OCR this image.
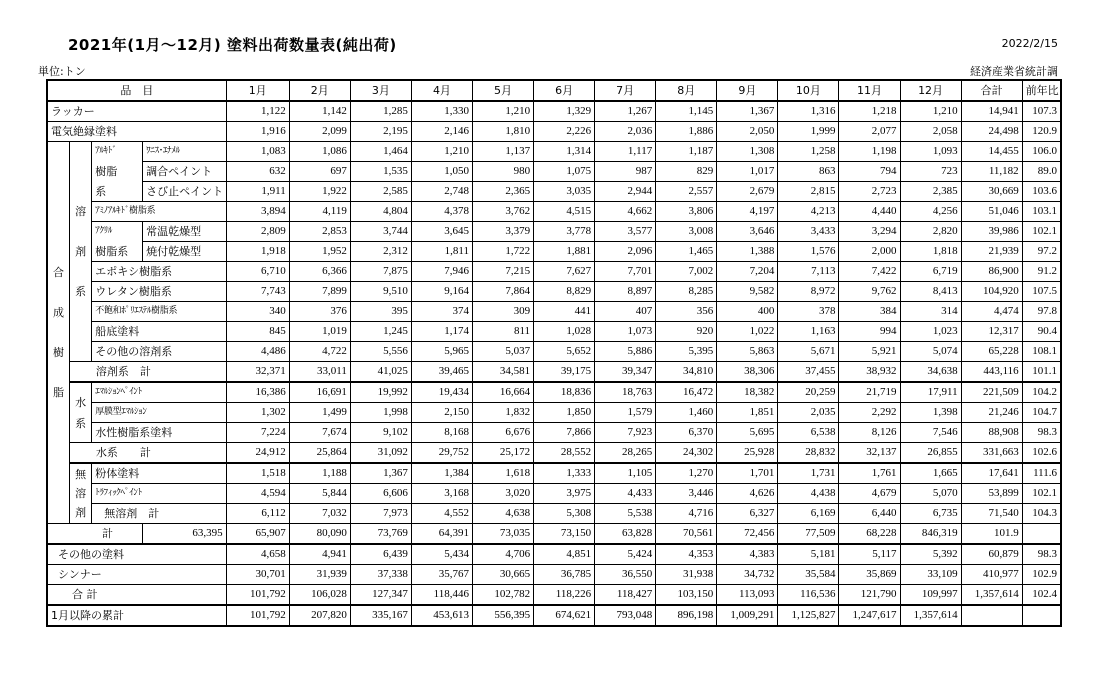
2021年(1月～12月) 塗料出荷数量表(純出荷)	2022/2/15
単位:トン	経済産業省統計調
品　目				1月	2月	3月	4月	5月	6月	7月	8月	9月	10月	11月	12月	合計	前年比
ラッカー				1,122	1,142	1,285	1,330	1,210	1,329	1,267	1,145	1,367	1,316	1,218	1,210	14,941	107.3
電気絶縁塗料				1,916	2,099	2,195	2,146	1,810	2,226	2,036	1,886	2,050	1,999	2,077	2,058	24,498	120.9

合

成

樹

脂	溶

剤

系	ｱﾙｷﾄﾞ	ﾜﾆｽ･ｴﾅﾒﾙ	1,083	1,086	1,464	1,210	1,137	1,314	1,117	1,187	1,308	1,258	1,198	1,093	14,455	106.0
		樹脂	調合ペイント	632	697	1,535	1,050	980	1,075	987	829	1,017	863	794	723	11,182	89.0
		系	さび止ペイント	1,911	1,922	2,585	2,748	2,365	3,035	2,944	2,557	2,679	2,815	2,723	2,385	30,669	103.6
		ｱﾐﾉｱﾙｷﾄﾞ樹脂系		3,894	4,119	4,804	4,378	3,762	4,515	4,662	3,806	4,197	4,213	4,440	4,256	51,046	103.1
		ｱｸﾘﾙ	常温乾燥型	2,809	2,853	3,744	3,645	3,379	3,778	3,577	3,008	3,646	3,433	3,294	2,820	39,986	102.1
		樹脂系	焼付乾燥型	1,918	1,952	2,312	1,811	1,722	1,881	2,096	1,465	1,388	1,576	2,000	1,818	21,939	97.2
		エポキシ樹脂系		6,710	6,366	7,875	7,946	7,215	7,627	7,701	7,002	7,204	7,113	7,422	6,719	86,900	91.2
		ウレタン樹脂系		7,743	7,899	9,510	9,164	7,864	8,829	8,897	8,285	9,582	8,972	9,762	8,413	104,920	107.5
		不飽和ﾎﾟﾘｴｽﾃﾙ樹脂系		340	376	395	374	309	441	407	356	400	378	384	314	4,474	97.8
		船底塗料		845	1,019	1,245	1,174	811	1,028	1,073	920	1,022	1,163	994	1,023	12,317	90.4
		その他の溶剤系		4,486	4,722	5,556	5,965	5,037	5,652	5,886	5,395	5,863	5,671	5,921	5,074	65,228	108.1
	溶剤系　計			32,371	33,011	41,025	39,465	34,581	39,175	39,347	34,810	38,306	37,455	38,932	34,638	443,116	101.1

	水
系	ｴﾏﾙｼｮﾝﾍﾟｲﾝﾄ		16,386	16,691	19,992	19,434	16,664	18,836	18,763	16,472	18,382	20,259	21,719	17,911	221,509	104.2
		厚膜型ｴﾏﾙｼｮﾝ		1,302	1,499	1,998	2,150	1,832	1,850	1,579	1,460	1,851	2,035	2,292	1,398	21,246	104.7
		水性樹脂系塗料		7,224	7,674	9,102	8,168	6,676	7,866	7,923	6,370	5,695	6,538	8,126	7,546	88,908	98.3
	水系　　計			24,912	25,864	31,092	29,752	25,172	28,552	28,265	24,302	25,928	28,832	32,137	26,855	331,663	102.6

	無
溶
剤	粉体塗料		1,518	1,188	1,367	1,384	1,618	1,333	1,105	1,270	1,701	1,731	1,761	1,665	17,641	111.6
		ﾄﾗﾌｨｯｸﾍﾟｲﾝﾄ		4,594	5,844	6,606	3,168	3,020	3,975	4,433	3,446	4,626	4,438	4,679	5,070	53,899	102.1
		無溶剤　計		6,112	7,032	7,973	4,552	4,638	5,308	5,538	4,716	6,327	6,169	6,440	6,735	71,540	104.3
計			63,395	65,907	80,090	73,769	64,391	73,035	73,150	63,828	70,561	72,456	77,509	68,228	846,319	101.9	
その他の塗料				4,658	4,941	6,439	5,434	4,706	4,851	5,424	4,353	4,383	5,181	5,117	5,392	60,879	98.3
シンナー				30,701	31,939	37,338	35,767	30,665	36,785	36,550	31,938	34,732	35,584	35,869	33,109	410,977	102.9
合 計				101,792	106,028	127,347	118,446	102,782	118,226	118,427	103,150	113,093	116,536	121,790	109,997	1,357,614	102.4
1月以降の累計				101,792	207,820	335,167	453,613	556,395	674,621	793,048	896,198	1,009,291	1,125,827	1,247,617	1,357,614		
